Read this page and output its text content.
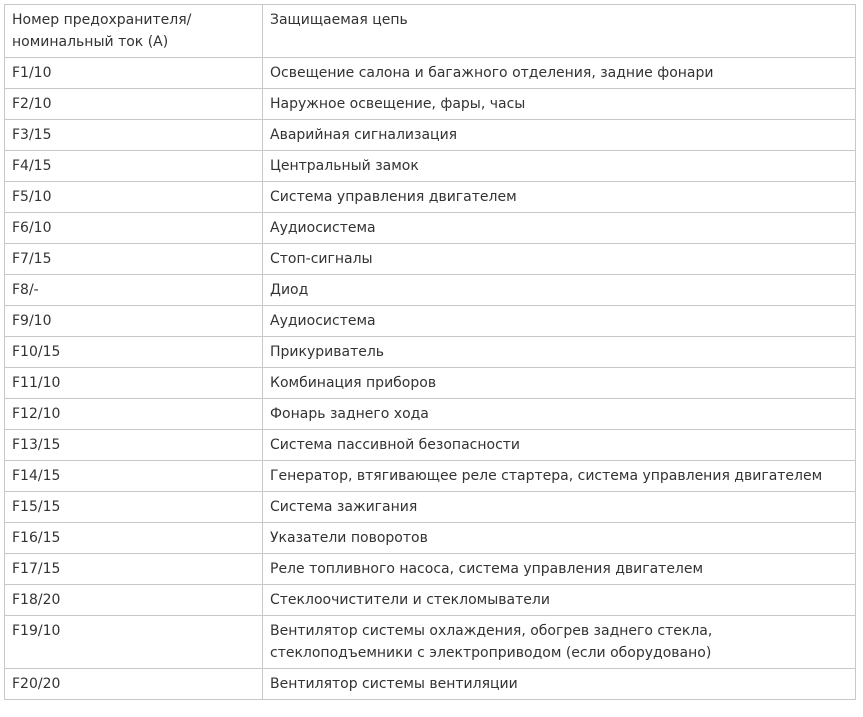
Номер предохранителя/ номинальный ток (A)	Защищаемая цепь
F1/10	Освещение салона и багажного отделения, задние фонари
F2/10	Наружное освещение, фары, часы
F3/15	Аварийная сигнализация
F4/15	Центральный замок
F5/10	Система управления двигателем
F6/10	Аудиосистема
F7/15	Стоп-сигналы
F8/-	Диод
F9/10	Аудиосистема
F10/15	Прикуриватель
F11/10	Комбинация приборов
F12/10	Фонарь заднего хода
F13/15	Система пассивной безопасности
F14/15	Генератор, втягивающее реле стартера, система управления двигателем
F15/15	Система зажигания
F16/15	Указатели поворотов
F17/15	Реле топливного насоса, система управления двигателем
F18/20	Стеклоочистители и стекломыватели
F19/10	Вентилятор системы охлаждения, обогрев заднего стекла, стеклоподъемники с электроприводом (если оборудовано)
F20/20	Вентилятор системы вентиляции
